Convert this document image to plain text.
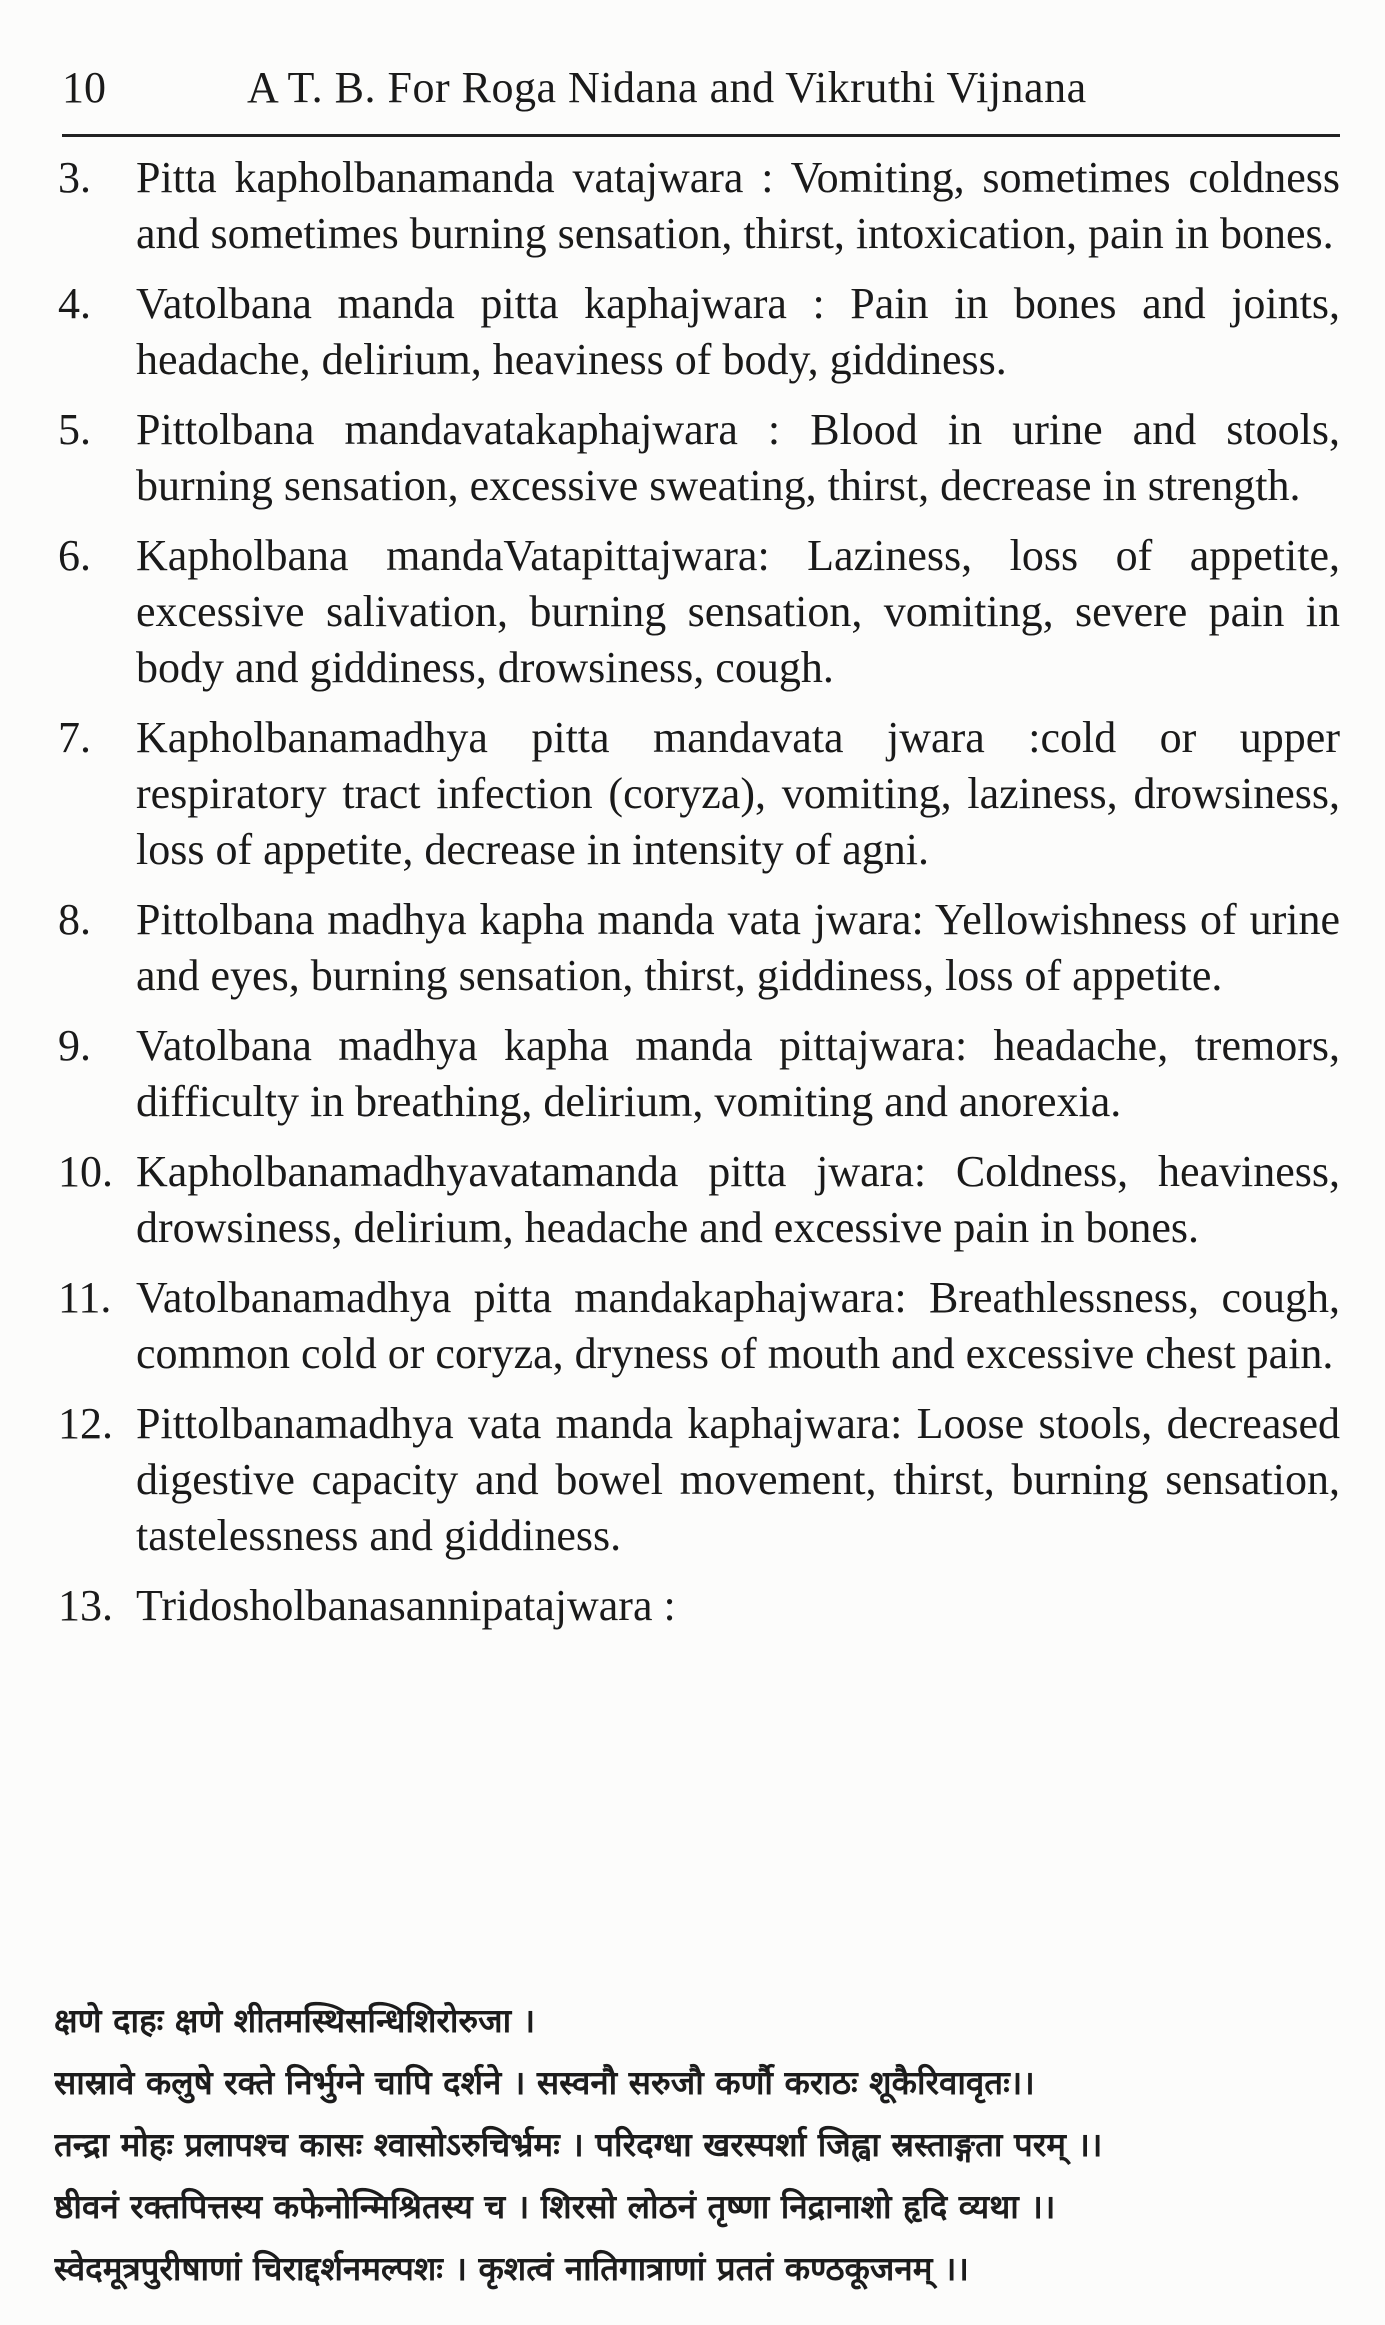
10	A T. B. For Roga Nidana and Vikruthi Vijnana
3. Pitta kapholbanamanda vatajwara : Vomiting, sometimes coldness and sometimes burning sensation, thirst, intoxication, pain in bones.
4. Vatolbana manda pitta kaphajwara : Pain in bones and joints, headache, delirium, heaviness of body, giddiness.
5. Pittolbana mandavatakaphajwara : Blood in urine and stools, burning sensation, excessive sweating, thirst, decrease in strength.
6. Kapholbana mandaVatapittajwara: Laziness, loss of appetite, excessive salivation, burning sensation, vomiting, severe pain in body and giddiness, drowsiness, cough.
7. Kapholbanamadhya pitta mandavata jwara :cold or upper respiratory tract infection (coryza), vomiting, laziness, drowsiness, loss of appetite, decrease in intensity of agni.
8. Pittolbana madhya kapha manda vata jwara: Yellowishness of urine and eyes, burning sensation, thirst, giddiness, loss of appetite.
9. Vatolbana madhya kapha manda pittajwara: headache, tremors, difficulty in breathing, delirium, vomiting and anorexia.
10. Kapholbanamadhyavatamanda pitta jwara: Coldness, heaviness, drowsiness, delirium, headache and excessive pain in bones.
11. Vatolbanamadhya pitta mandakaphajwara: Breathlessness, cough, common cold or coryza, dryness of mouth and excessive chest pain.
12. Pittolbanamadhya vata manda kaphajwara: Loose stools, decreased digestive capacity and bowel movement, thirst, burning sensation, tastelessness and giddiness.
13. Tridosholbanasannipatajwara :
क्षणे दाहः क्षणे शीतमस्थिसन्धिशिरोरुजा ।
सास्रावे कलुषे रक्ते निर्भुग्ने चापि दर्शने । सस्वनौ सरुजौ कर्णौ कराठः शूकैरिवावृतः।।
तन्द्रा मोहः प्रलापश्च कासः श्वासोऽरुचिर्भ्रमः । परिदग्धा खरस्पर्शा जिह्वा स्रस्ताङ्गता परम् ।।
ष्ठीवनं रक्तपित्तस्य कफेनोन्मिश्रितस्य च । शिरसो लोठनं तृष्णा निद्रानाशो हृदि व्यथा ।।
स्वेदमूत्रपुरीषाणां चिराद्दर्शनमल्पशः । कृशत्वं नातिगात्राणां प्रततं कण्ठकूजनम् ।।
